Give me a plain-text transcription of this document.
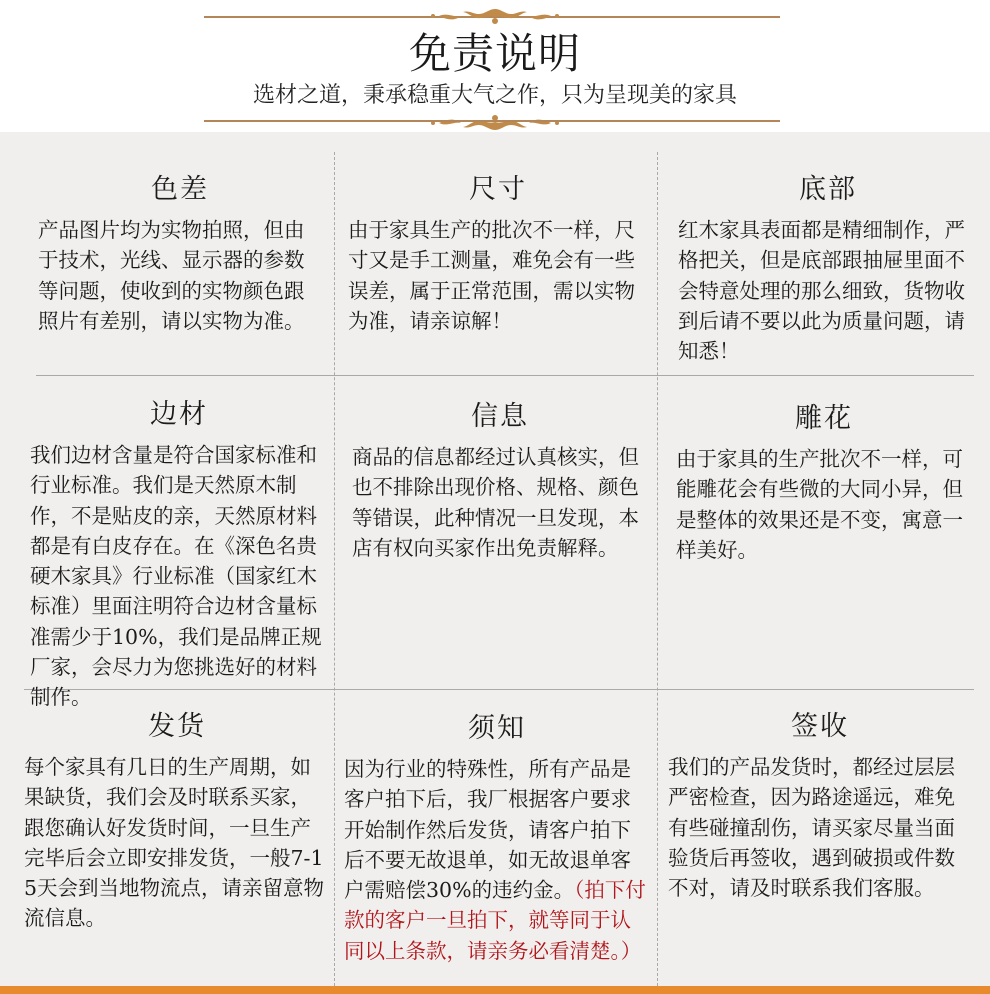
免责说明
选材之道，秉承稳重大气之作，只为呈现美的家具
色差
产品图片均为实物拍照，但由于技术，光线、显示器的参数等问题，使收到的实物颜色跟照片有差别，请以实物为准。
尺寸
由于家具生产的批次不一样，尺寸又是手工测量，难免会有一些误差，属于正常范围，需以实物为准，请亲谅解！
底部
红木家具表面都是精细制作，严格把关，但是底部跟抽屉里面不会特意处理的那么细致，货物收到后请不要以此为质量问题，请知悉！
边材
我们边材含量是符合国家标准和行业标准。我们是天然原木制作，不是贴皮的亲，天然原材料都是有白皮存在。在《深色名贵硬木家具》行业标准（国家红木标准）里面注明符合边材含量标准需少于10%，我们是品牌正规厂家，会尽力为您挑选好的材料制作。
信息
商品的信息都经过认真核实，但也不排除出现价格、规格、颜色等错误，此种情况一旦发现，本店有权向买家作出免责解释。
雕花
由于家具的生产批次不一样，可能雕花会有些微的大同小异，但是整体的效果还是不变，寓意一样美好。
发货
每个家具有几日的生产周期，如果缺货，我们会及时联系买家，跟您确认好发货时间，一旦生产完毕后会立即安排发货，一般7-15天会到当地物流点，请亲留意物流信息。
须知
因为行业的特殊性，所有产品是客户拍下后，我厂根据客户要求开始制作然后发货，请客户拍下后不要无故退单，如无故退单客户需赔偿30%的违约金。（拍下付款的客户一旦拍下，就等同于认同以上条款，请亲务必看清楚。）
签收
我们的产品发货时，都经过层层严密检查，因为路途遥远，难免有些碰撞刮伤，请买家尽量当面验货后再签收，遇到破损或件数不对，请及时联系我们客服。
